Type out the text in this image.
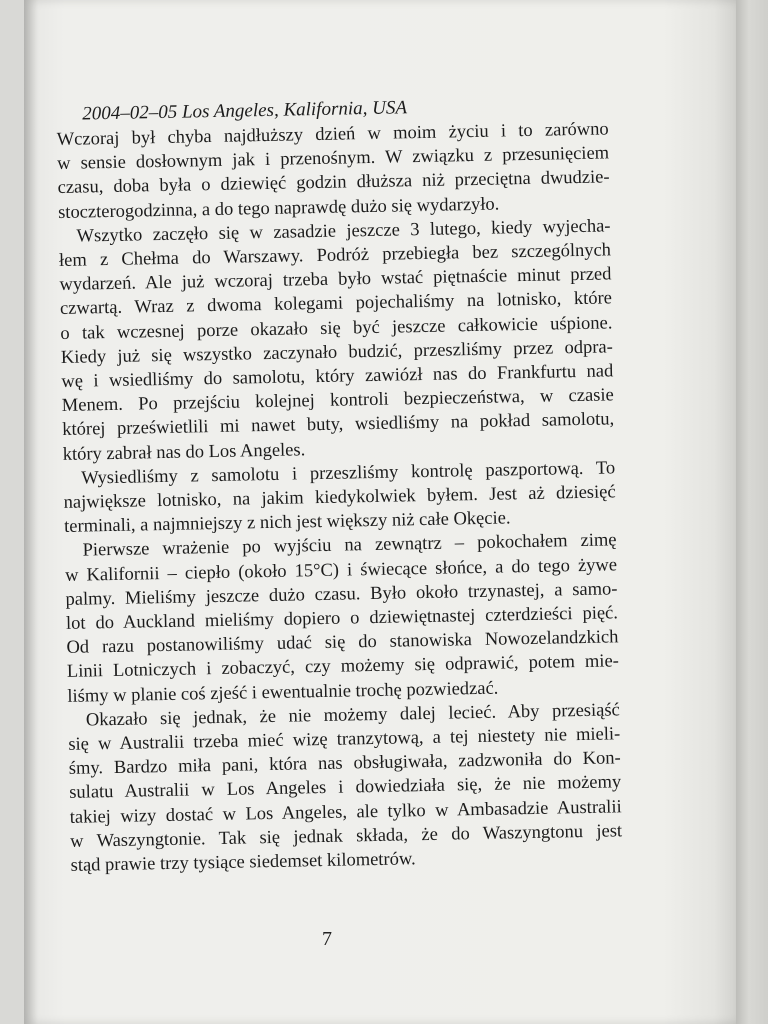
2004–02–05 Los Angeles, Kalifornia, USA
Wczoraj był chyba najdłuższy dzień w moim życiu i to zarówno
w sensie dosłownym jak i przenośnym. W związku z przesunięciem
czasu, doba była o dziewięć godzin dłuższa niż przeciętna dwudzie-
stoczterogodzinna, a do tego naprawdę dużo się wydarzyło.
Wszytko zaczęło się w zasadzie jeszcze 3 lutego, kiedy wyjecha-
łem z Chełma do Warszawy. Podróż przebiegła bez szczególnych
wydarzeń. Ale już wczoraj trzeba było wstać piętnaście minut przed
czwartą. Wraz z dwoma kolegami pojechaliśmy na lotnisko, które
o tak wczesnej porze okazało się być jeszcze całkowicie uśpione.
Kiedy już się wszystko zaczynało budzić, przeszliśmy przez odpra-
wę i wsiedliśmy do samolotu, który zawiózł nas do Frankfurtu nad
Menem. Po przejściu kolejnej kontroli bezpieczeństwa, w czasie
której prześwietlili mi nawet buty, wsiedliśmy na pokład samolotu,
który zabrał nas do Los Angeles.
Wysiedliśmy z samolotu i przeszliśmy kontrolę paszportową. To
największe lotnisko, na jakim kiedykolwiek byłem. Jest aż dziesięć
terminali, a najmniejszy z nich jest większy niż całe Okęcie.
Pierwsze wrażenie po wyjściu na zewnątrz – pokochałem zimę
w Kalifornii – ciepło (około 15°C) i świecące słońce, a do tego żywe
palmy. Mieliśmy jeszcze dużo czasu. Było około trzynastej, a samo-
lot do Auckland mieliśmy dopiero o dziewiętnastej czterdzieści pięć.
Od razu postanowiliśmy udać się do stanowiska Nowozelandzkich
Linii Lotniczych i zobaczyć, czy możemy się odprawić, potem mie-
liśmy w planie coś zjeść i ewentualnie trochę pozwiedzać.
Okazało się jednak, że nie możemy dalej lecieć. Aby przesiąść
się w Australii trzeba mieć wizę tranzytową, a tej niestety nie mieli-
śmy. Bardzo miła pani, która nas obsługiwała, zadzwoniła do Kon-
sulatu Australii w Los Angeles i dowiedziała się, że nie możemy
takiej wizy dostać w Los Angeles, ale tylko w Ambasadzie Australii
w Waszyngtonie. Tak się jednak składa, że do Waszyngtonu jest
stąd prawie trzy tysiące siedemset kilometrów.
7
